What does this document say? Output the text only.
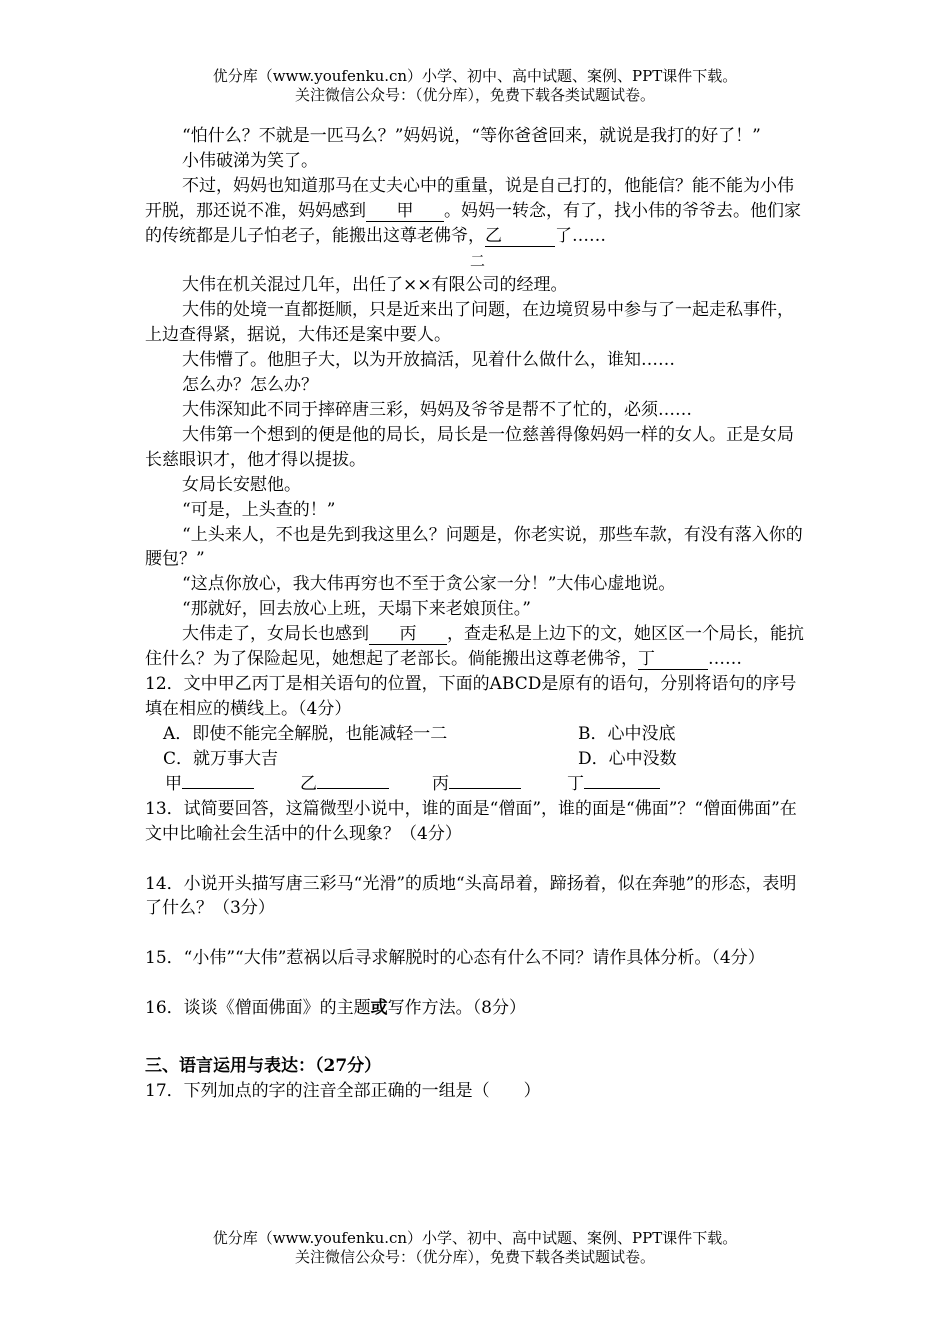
优分库（www.youfenku.cn）小学、初中、高中试题、案例、PPT课件下载。
关注微信公众号：（优分库），免费下载各类试题试卷。

“怕什么？不就是一匹马么？”妈妈说，“等你爸爸回来，就说是我打的好了！”

小伟破涕为笑了。

不过，妈妈也知道那马在丈夫心中的重量，说是自己打的，他能信？能不能为小伟开脱，那还说不准，妈妈感到 甲 。妈妈一转念，有了，找小伟的爷爷去。他们家的传统都是儿子怕老子，能搬出这尊老佛爷，乙	了……

二

大伟在机关混过几年，出任了××有限公司的经理。

大伟的处境一直都挺顺，只是近来出了问题，在边境贸易中参与了一起走私事件，上边查得紧，据说，大伟还是案中要人。

大伟懵了。他胆子大，以为开放搞活，见着什么做什么，谁知……

怎么办？怎么办？

大伟深知此不同于摔碎唐三彩，妈妈及爷爷是帮不了忙的，必须……

大伟第一个想到的便是他的局长，局长是一位慈善得像妈妈一样的女人。正是女局长慈眼识才，他才得以提拔。

女局长安慰他。

“可是，上头查的！”

“上头来人，不也是先到我这里么？问题是，你老实说，那些车款，有没有落入你的腰包？”

“这点你放心，我大伟再穷也不至于贪公家一分！”大伟心虚地说。

“那就好，回去放心上班，天塌下来老娘顶住。”

大伟走了，女局长也感到 丙 ，查走私是上边下的文，她区区一个局长，能抗住什么？为了保险起见，她想起了老部长。倘能搬出这尊老佛爷，丁	……

12．文中甲乙丙丁是相关语句的位置，下面的ABCD是原有的语句，分别将语句的序号填在相应的横线上。（4分）

A．即使不能完全解脱，也能减轻一二	B．心中没底
C．就万事大吉	D．心中没数
甲	乙	丙	丁

13．试简要回答，这篇微型小说中，谁的面是“僧面”，谁的面是“佛面”？“僧面佛面”在文中比喻社会生活中的什么现象？（4分）

14．小说开头描写唐三彩马“光滑”的质地“头高昂着，蹄扬着，似在奔驰”的形态，表明了什么？（3分）

15．“小伟”“大伟”惹祸以后寻求解脱时的心态有什么不同？请作具体分析。（4分）

16．谈谈《僧面佛面》的主题或写作方法。（8分）

三、语言运用与表达：（27分）

17．下列加点的字的注音全部正确的一组是（　　）

优分库（www.youfenku.cn）小学、初中、高中试题、案例、PPT课件下载。
关注微信公众号：（优分库），免费下载各类试题试卷。
